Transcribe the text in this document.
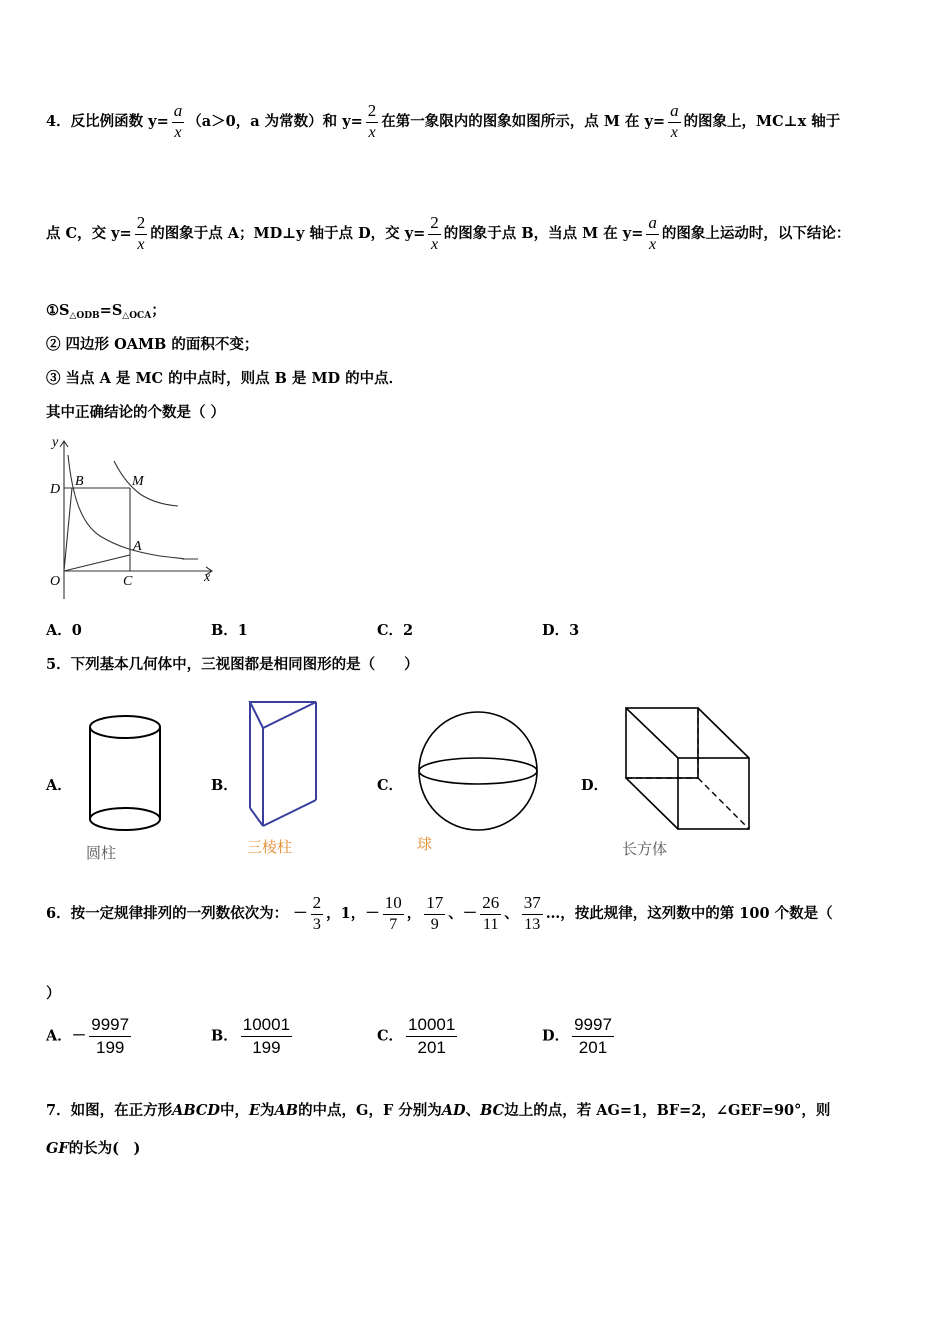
4．反比例函数 $y= \frac{a}{x} (a>0$，a 为常数）和 $y= \frac{2}{x}$ 在第一象限内的图象如图所示，点 M 在 $y= \frac{a}{x}$ 的图象上，MC⊥x 轴于
点 C，交 $y= \frac{2}{x}$ 的图象于点 A；MD⊥y 轴于点 D，交 $y= \frac{2}{x}$ 的图象于点 B，当点 M 在 $y= \frac{a}{x}$ 的图象上运动时，以下结论：
$①S_{\triangle ODB}=S_{\triangle OCA}$；
② 四边形 OAMB 的面积不变；
③ 当点 A 是 MC 的中点时，则点 B 是 MD 的中点．
其中正确结论的个数是（ ）
y
x
O
D
B	M
A
C
A．0	B．1	C．2	D．3
5．下列基本几何体中，三视图都是相同图形的是（　　）
A．	B．	C．	D．
圆柱	三棱柱	球	长方体
6．按一定规律排列的一列数依次为： － $\frac{2}{3}$ ，1，－ $\frac{10}{7}$ ， $\frac{17}{9}$ 、－ $\frac{26}{11}$ 、 $\frac{37}{13}$ …，按此规律，这列数中的第 100 个数是（
）
A．－ $\frac{9997}{199}$	B． $\frac{10001}{199}$	C． $\frac{10001}{201}$	D． $\frac{9997}{201}$
7．如图，在正方形ABCD中，E为AB的中点，G，F 分别为AD、BC边上的点，若 AG=1，BF=2，∠GEF=90°，则
GF的长为(　)
